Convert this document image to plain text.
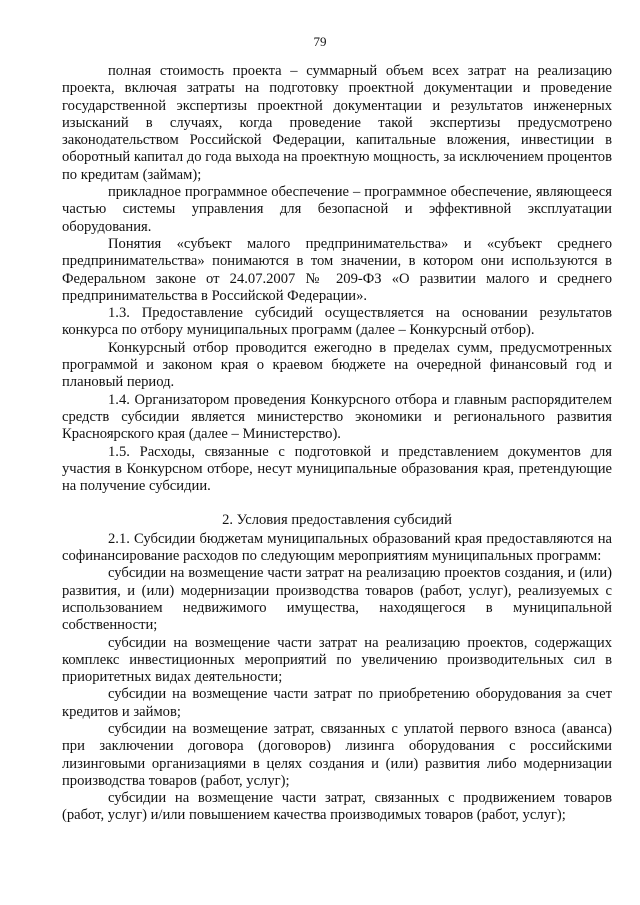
79

полная стоимость проекта – суммарный объем всех затрат на реализацию проекта, включая затраты на подготовку проектной документации и проведение государственной экспертизы проектной документации и результатов инженерных изысканий в случаях, когда проведение такой экспертизы предусмотрено законодательством Российской Федерации, капитальные вложения, инвестиции в оборотный капитал до года выхода на проектную мощность, за исключением процентов по кредитам (займам);

прикладное программное обеспечение – программное обеспечение, являющееся частью системы управления для безопасной и эффективной эксплуатации оборудования.

Понятия «субъект малого предпринимательства» и «субъект среднего предпринимательства» понимаются в том значении, в котором они используются в Федеральном законе от 24.07.2007 № 209-ФЗ «О развитии малого и среднего предпринимательства в Российской Федерации».

1.3. Предоставление субсидий осуществляется на основании результатов конкурса по отбору муниципальных программ (далее – Конкурсный отбор).

Конкурсный отбор проводится ежегодно в пределах сумм, предусмотренных программой и законом края о краевом бюджете на очередной финансовый год и плановый период.

1.4. Организатором проведения Конкурсного отбора и главным распорядителем средств субсидии является министерство экономики и регионального развития Красноярского края (далее – Министерство).

1.5. Расходы, связанные с подготовкой и представлением документов для участия в Конкурсном отборе, несут муниципальные образования края, претендующие на получение субсидии.

2. Условия предоставления субсидий

2.1. Субсидии бюджетам муниципальных образований края предоставляются на софинансирование расходов по следующим мероприятиям муниципальных программ:

субсидии на возмещение части затрат на реализацию проектов создания, и (или) развития, и (или) модернизации производства товаров (работ, услуг), реализуемых с использованием недвижимого имущества, находящегося в муниципальной собственности;

субсидии на возмещение части затрат на реализацию проектов, содержащих комплекс инвестиционных мероприятий по увеличению производительных сил в приоритетных видах деятельности;

субсидии на возмещение части затрат по приобретению оборудования за счет кредитов и займов;

субсидии на возмещение затрат, связанных с уплатой первого взноса (аванса) при заключении договора (договоров) лизинга оборудования с российскими лизинговыми организациями в целях создания и (или) развития либо модернизации производства товаров (работ, услуг);

субсидии на возмещение части затрат, связанных с продвижением товаров (работ, услуг) и/или повышением качества производимых товаров (работ, услуг);
